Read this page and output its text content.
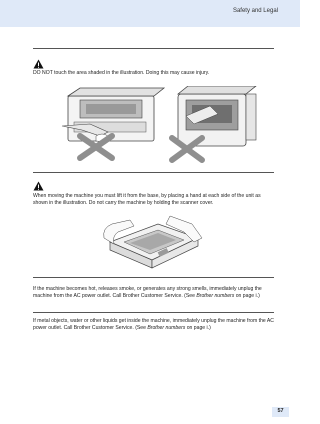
Safety and Legal
DO NOT touch the area shaded in the illustration. Doing this may cause injury.
When moving the machine you must lift it from the base, by placing a hand at each side of the unit as shown in the illustration. Do not carry the machine by holding the scanner cover.
If the machine becomes hot, releases smoke, or generates any strong smells, immediately unplug the machine from the AC power outlet. Call Brother Customer Service. (See Brother numbers on page i.)
If metal objects, water or other liquids get inside the machine, immediately unplug the machine from the AC power outlet. Call Brother Customer Service. (See Brother numbers on page i.)
57
